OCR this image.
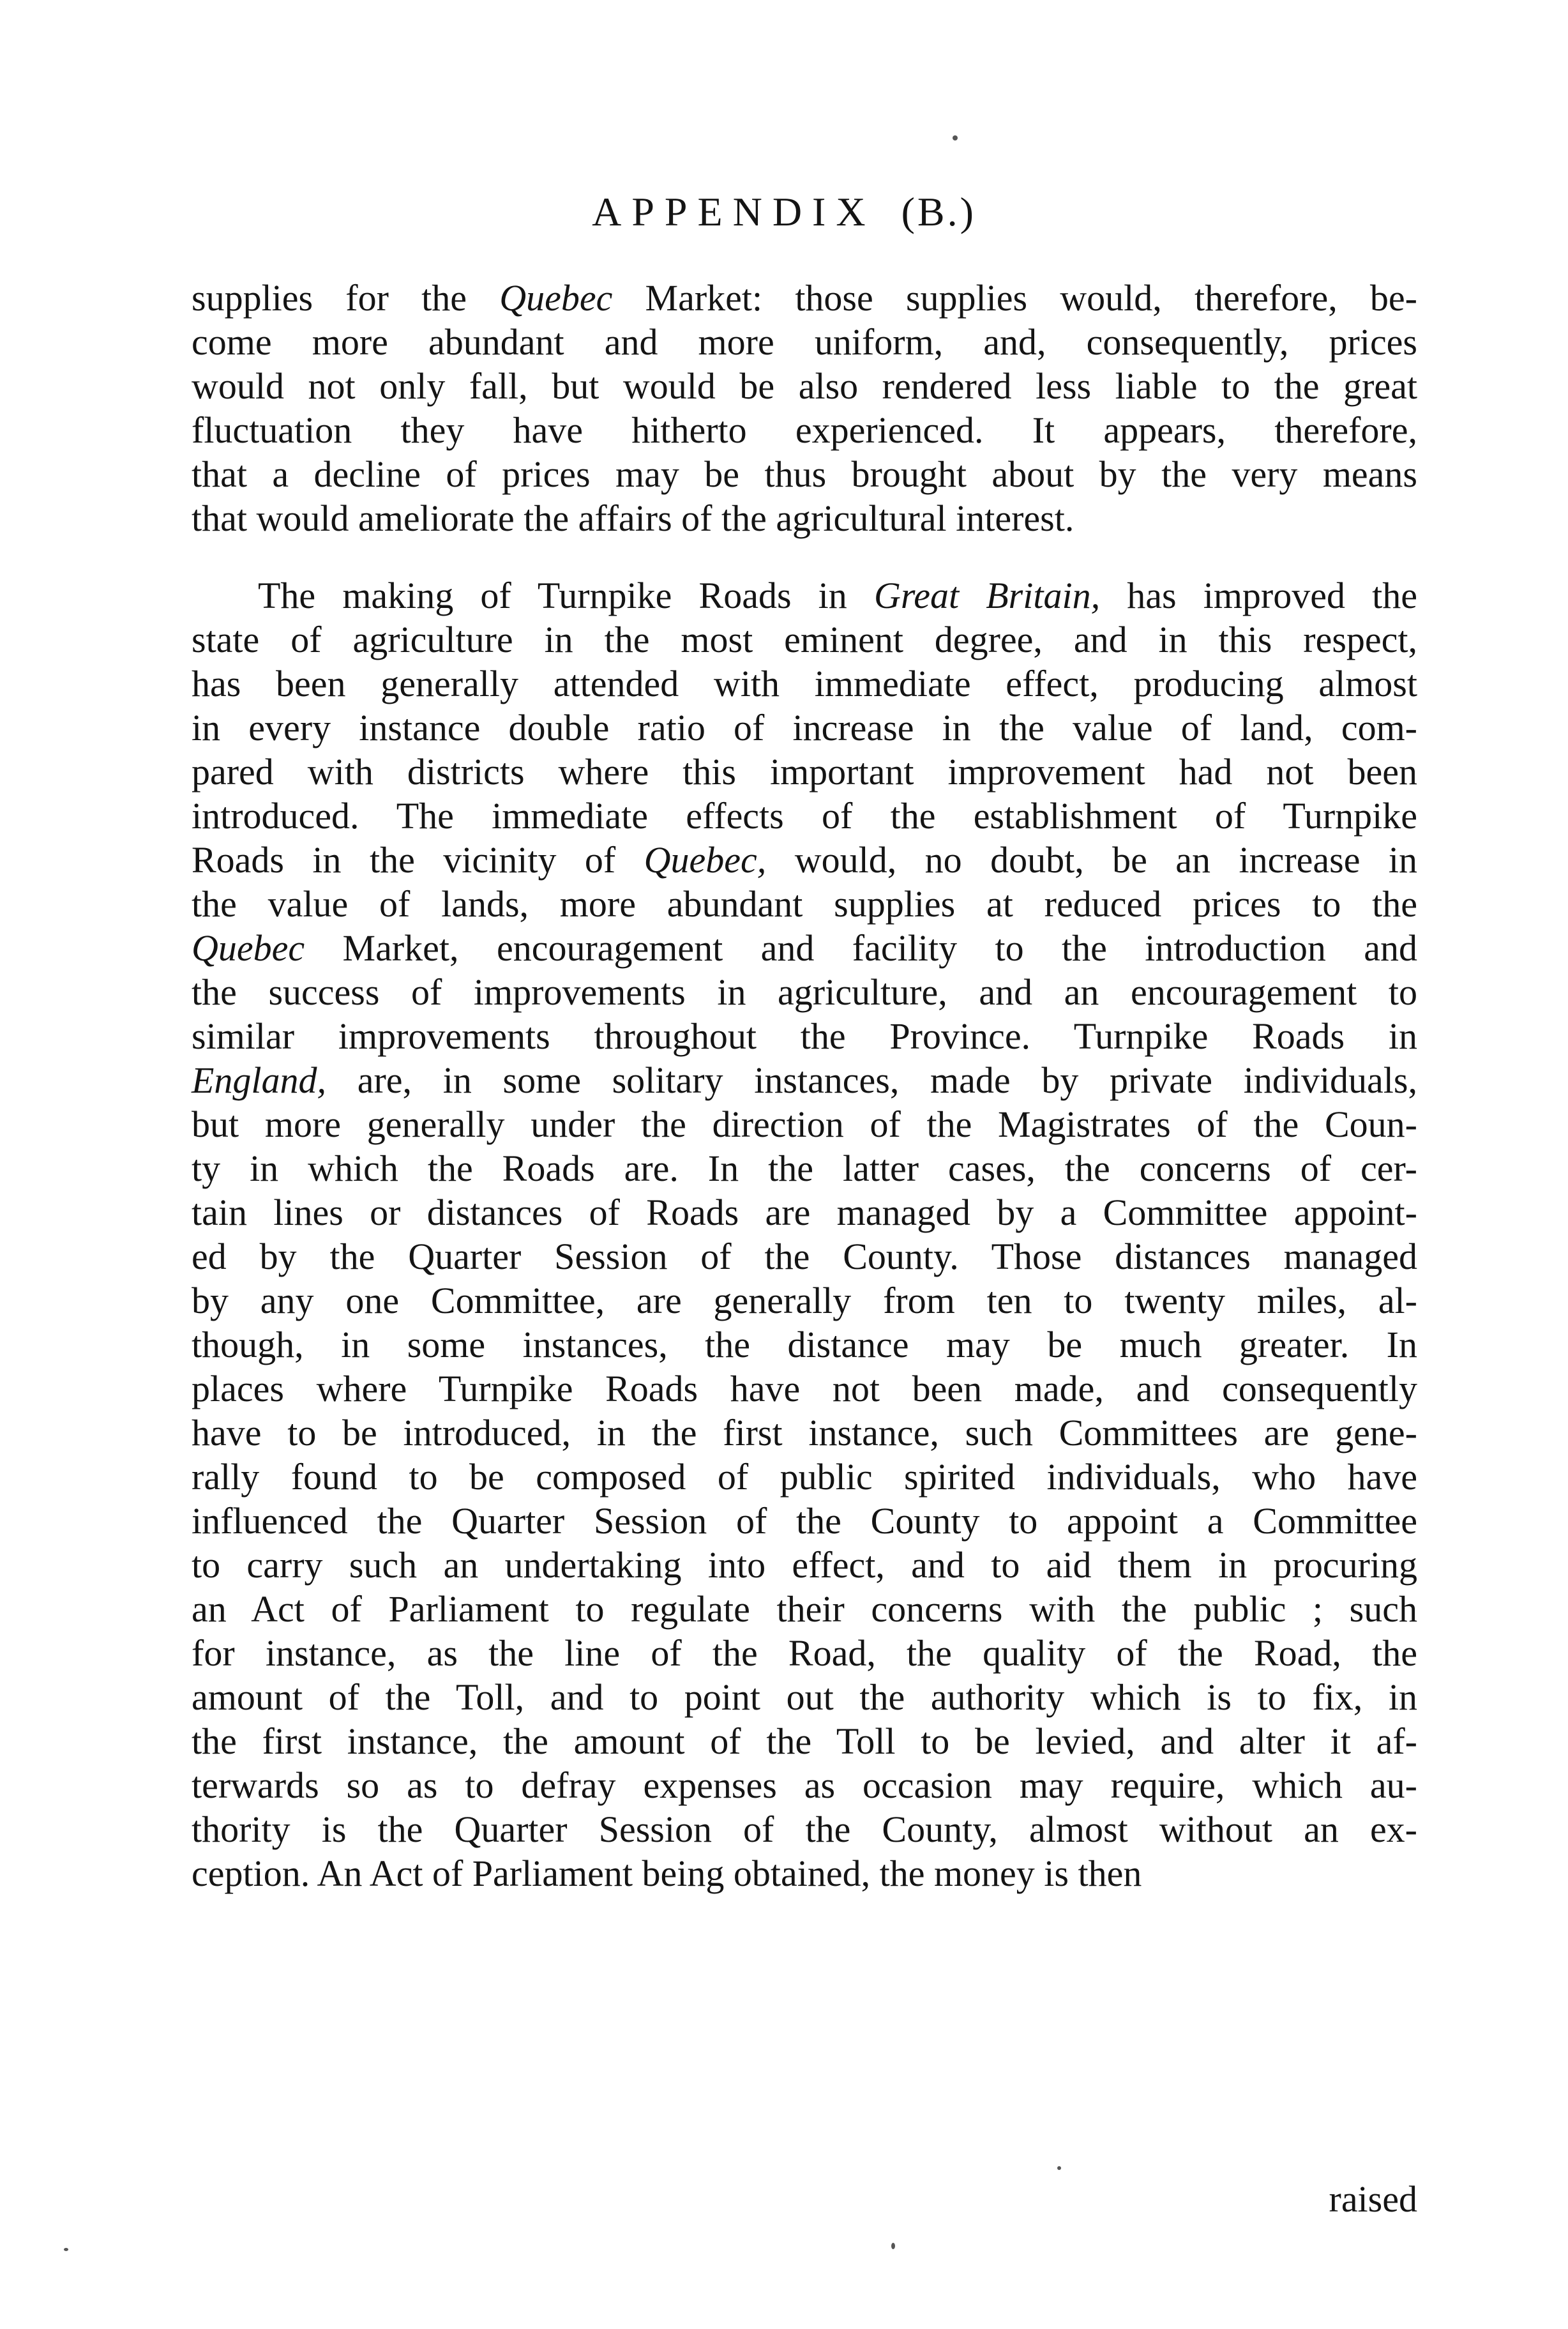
APPENDIX (B.)
supplies for the Quebec Market: those supplies would, therefore, be-
come more abundant and more uniform, and, consequently, prices
would not only fall, but would be also rendered less liable to the great
fluctuation they have hitherto experienced. It appears, therefore,
that a decline of prices may be thus brought about by the very means
that would ameliorate the affairs of the agricultural interest.
The making of Turnpike Roads in Great Britain, has improved the
state of agriculture in the most eminent degree, and in this respect,
has been generally attended with immediate effect, producing almost
in every instance double ratio of increase in the value of land, com-
pared with districts where this important improvement had not been
introduced. The immediate effects of the establishment of Turnpike
Roads in the vicinity of Quebec, would, no doubt, be an increase in
the value of lands, more abundant supplies at reduced prices to the
Quebec Market, encouragement and facility to the introduction and
the success of improvements in agriculture, and an encouragement to
similar improvements throughout the Province. Turnpike Roads in
England, are, in some solitary instances, made by private individuals,
but more generally under the direction of the Magistrates of the Coun-
ty in which the Roads are. In the latter cases, the concerns of cer-
tain lines or distances of Roads are managed by a Committee appoint-
ed by the Quarter Session of the County. Those distances managed
by any one Committee, are generally from ten to twenty miles, al-
though, in some instances, the distance may be much greater. In
places where Turnpike Roads have not been made, and consequently
have to be introduced, in the first instance, such Committees are gene-
rally found to be composed of public spirited individuals, who have
influenced the Quarter Session of the County to appoint a Committee
to carry such an undertaking into effect, and to aid them in procuring
an Act of Parliament to regulate their concerns with the public ; such
for instance, as the line of the Road, the quality of the Road, the
amount of the Toll, and to point out the authority which is to fix, in
the first instance, the amount of the Toll to be levied, and alter it af-
terwards so as to defray expenses as occasion may require, which au-
thority is the Quarter Session of the County, almost without an ex-
ception. An Act of Parliament being obtained, the money is then
raised
